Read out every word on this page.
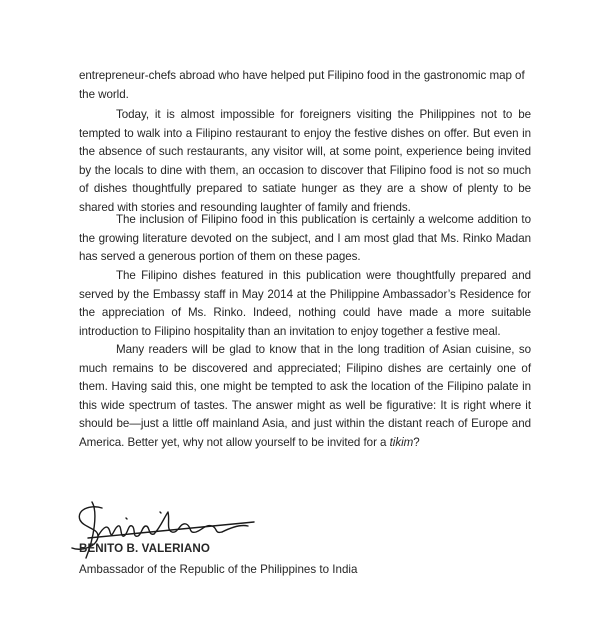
entrepreneur-chefs abroad who have helped put Filipino food in the gastronomic map of the world.

Today, it is almost impossible for foreigners visiting the Philippines not to be tempted to walk into a Filipino restaurant to enjoy the festive dishes on offer. But even in the absence of such restaurants, any visitor will, at some point, experience being invited by the locals to dine with them, an occasion to discover that Filipino food is not so much of dishes thoughtfully prepared to satiate hunger as they are a show of plenty to be shared with stories and resounding laughter of family and friends.

The inclusion of Filipino food in this publication is certainly a welcome addition to the growing literature devoted on the subject, and I am most glad that Ms. Rinko Madan has served a generous portion of them on these pages.

The Filipino dishes featured in this publication were thoughtfully prepared and served by the Embassy staff in May 2014 at the Philippine Ambassador’s Residence for the appreciation of Ms. Rinko. Indeed, nothing could have made a more suitable introduction to Filipino hospitality than an invitation to enjoy together a festive meal.

Many readers will be glad to know that in the long tradition of Asian cuisine, so much remains to be discovered and appreciated; Filipino dishes are certainly one of them. Having said this, one might be tempted to ask the location of the Filipino palate in this wide spectrum of tastes. The answer might as well be figurative: It is right where it should be—just a little off mainland Asia, and just within the distant reach of Europe and America. Better yet, why not allow yourself to be invited for a tikim?

BENITO B. VALERIANO

Ambassador of the Republic of the Philippines to India
